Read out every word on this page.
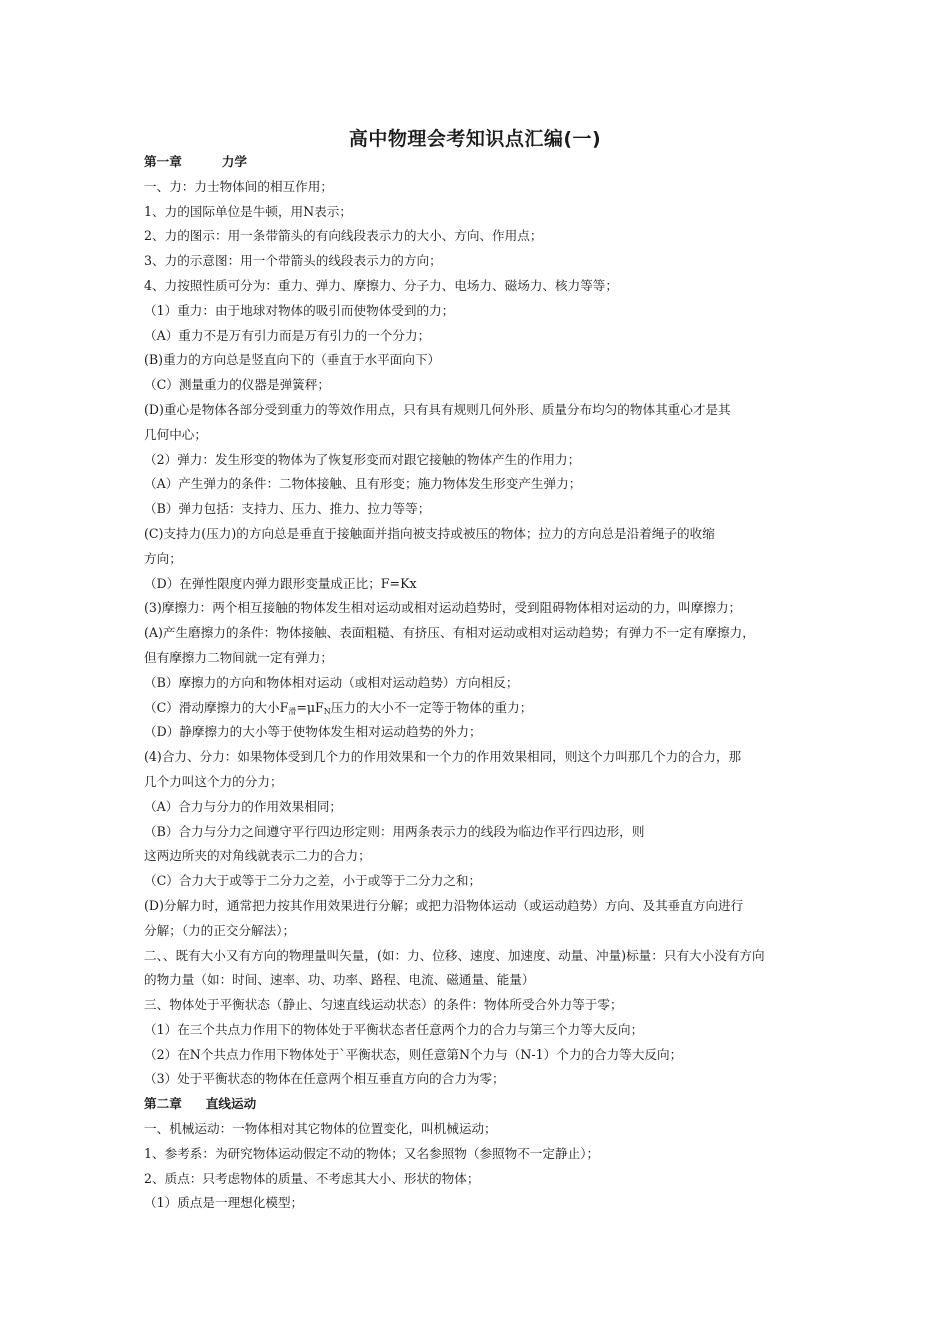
高中物理会考知识点汇编(一)
第一章	力学
一、力：力士物体间的相互作用；
1、力的国际单位是牛顿，用N表示；
2、力的图示：用一条带箭头的有向线段表示力的大小、方向、作用点；
3、力的示意图：用一个带箭头的线段表示力的方向；
4、力按照性质可分为：重力、弹力、摩擦力、分子力、电场力、磁场力、核力等等；
（1）重力：由于地球对物体的吸引而使物体受到的力；
（A）重力不是万有引力而是万有引力的一个分力；
(B)重力的方向总是竖直向下的（垂直于水平面向下）
（C）测量重力的仪器是弹簧秤；
(D)重心是物体各部分受到重力的等效作用点，只有具有规则几何外形、质量分布均匀的物体其重心才是其
几何中心；
（2）弹力：发生形变的物体为了恢复形变而对跟它接触的物体产生的作用力；
（A）产生弹力的条件：二物体接触、且有形变；施力物体发生形变产生弹力；
（B）弹力包括：支持力、压力、推力、拉力等等；
(C)支持力(压力)的方向总是垂直于接触面并指向被支持或被压的物体；拉力的方向总是沿着绳子的收缩
方向；
（D）在弹性限度内弹力跟形变量成正比；F=Kx
(3)摩擦力：两个相互接触的物体发生相对运动或相对运动趋势时，受到阻碍物体相对运动的力，叫摩擦力；
(A)产生磨擦力的条件：物体接触、表面粗糙、有挤压、有相对运动或相对运动趋势；有弹力不一定有摩擦力，
但有摩擦力二物间就一定有弹力；
（B）摩擦力的方向和物体相对运动（或相对运动趋势）方向相反；
（C）滑动摩擦力的大小$F_滑=\mu F_N$压力的大小不一定等于物体的重力；
（D）静摩擦力的大小等于使物体发生相对运动趋势的外力；
(4)合力、分力：如果物体受到几个力的作用效果和一个力的作用效果相同，则这个力叫那几个力的合力，那
几个力叫这个力的分力；
（A）合力与分力的作用效果相同；
（B）合力与分力之间遵守平行四边形定则：用两条表示力的线段为临边作平行四边形，则
这两边所夹的对角线就表示二力的合力；
（C）合力大于或等于二分力之差，小于或等于二分力之和；
(D)分解力时，通常把力按其作用效果进行分解；或把力沿物体运动（或运动趋势）方向、及其垂直方向进行
分解；（力的正交分解法）；
二、、既有大小又有方向的物理量叫矢量，(如：力、位移、速度、加速度、动量、冲量)标量：只有大小没有方向
的物力量（如：时间、速率、功、功率、路程、电流、磁通量、能量）
三、物体处于平衡状态（静止、匀速直线运动状态）的条件：物体所受合外力等于零；
（1）在三个共点力作用下的物体处于平衡状态者任意两个力的合力与第三个力等大反向；
（2）在N个共点力作用下物体处于`平衡状态，则任意第N个力与（N-1）个力的合力等大反向；
（3）处于平衡状态的物体在任意两个相互垂直方向的合力为零；
第二章 直线运动
一、机械运动：一物体相对其它物体的位置变化，叫机械运动；
1、参考系：为研究物体运动假定不动的物体；又名参照物（参照物不一定静止）；
2、质点：只考虑物体的质量、不考虑其大小、形状的物体；
（1）质点是一理想化模型；
